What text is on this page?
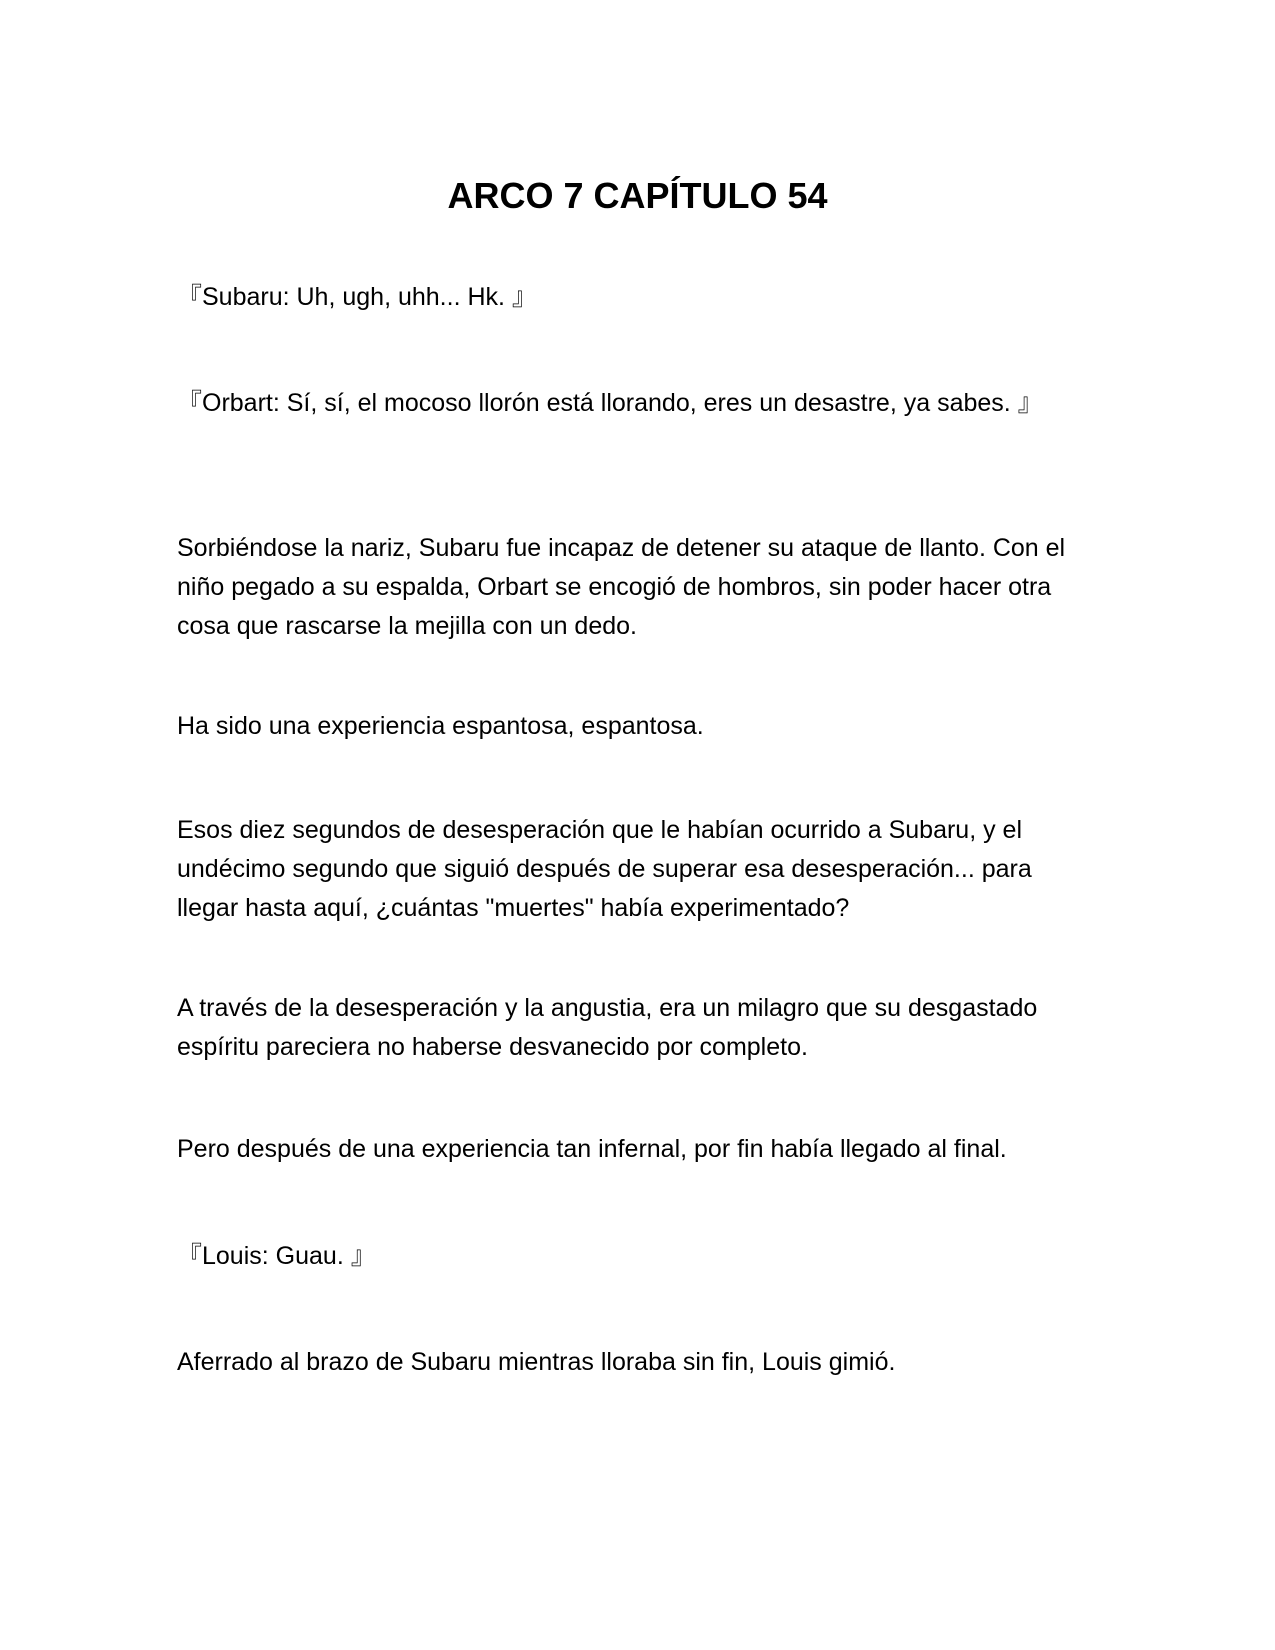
ARCO 7 CAPÍTULO 54

『Subaru: Uh, ugh, uhh... Hk. 』

『Orbart: Sí, sí, el mocoso llorón está llorando, eres un desastre, ya sabes. 』

Sorbiéndose la nariz, Subaru fue incapaz de detener su ataque de llanto. Con el niño pegado a su espalda, Orbart se encogió de hombros, sin poder hacer otra cosa que rascarse la mejilla con un dedo.

Ha sido una experiencia espantosa, espantosa.

Esos diez segundos de desesperación que le habían ocurrido a Subaru, y el undécimo segundo que siguió después de superar esa desesperación... para llegar hasta aquí, ¿cuántas "muertes" había experimentado?

A través de la desesperación y la angustia, era un milagro que su desgastado espíritu pareciera no haberse desvanecido por completo.

Pero después de una experiencia tan infernal, por fin había llegado al final.

『Louis: Guau. 』

Aferrado al brazo de Subaru mientras lloraba sin fin, Louis gimió.
